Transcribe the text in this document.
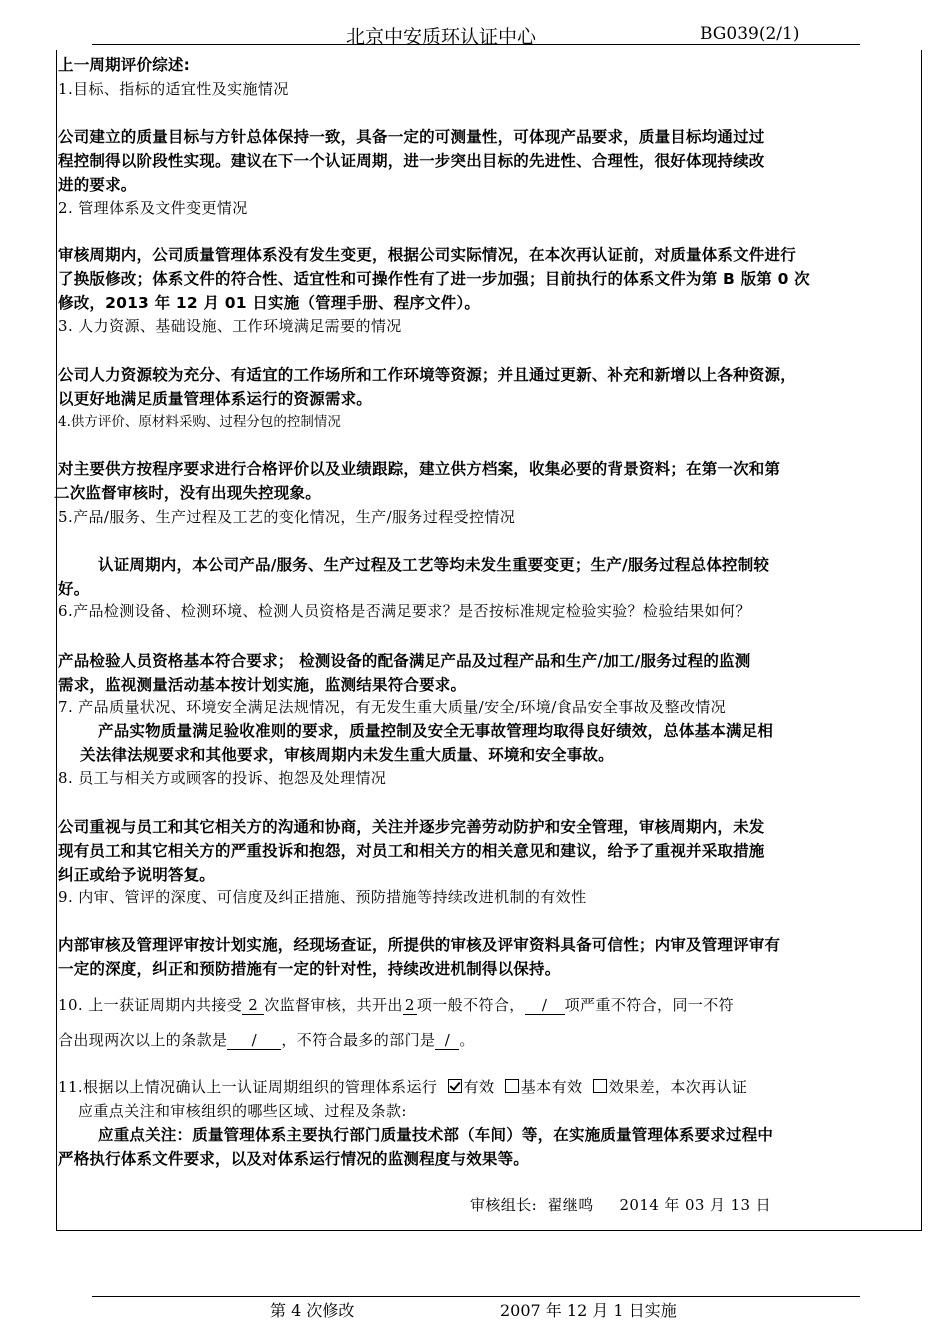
北京中安质环认证中心	BG039(2/1)
上一周期评价综述:
1.目标、指标的适宜性及实施情况
公司建立的质量目标与方针总体保持一致，具备一定的可测量性，可体现产品要求，质量目标均通过过
程控制得以阶段性实现。建议在下一个认证周期，进一步突出目标的先进性、合理性，很好体现持续改
进的要求。
2. 管理体系及文件变更情况
审核周期内，公司质量管理体系没有发生变更，根据公司实际情况，在本次再认证前，对质量体系文件进行
了换版修改；体系文件的符合性、适宜性和可操作性有了进一步加强；目前执行的体系文件为第 B 版第 0 次
修改，2013 年 12 月 01 日实施（管理手册、程序文件）。
3. 人力资源、基础设施、工作环境满足需要的情况
公司人力资源较为充分、有适宜的工作场所和工作环境等资源；并且通过更新、补充和新增以上各种资源，
以更好地满足质量管理体系运行的资源需求。
4.供方评价、原材料采购、过程分包的控制情况
对主要供方按程序要求进行合格评价以及业绩跟踪，建立供方档案，收集必要的背景资料；在第一次和第
二次监督审核时，没有出现失控现象。
5.产品/服务、生产过程及工艺的变化情况，生产/服务过程受控情况
认证周期内，本公司产品/服务、生产过程及工艺等均未发生重要变更；生产/服务过程总体控制较
好。
6.产品检测设备、检测环境、检测人员资格是否满足要求？是否按标准规定检验实验？检验结果如何？
产品检验人员资格基本符合要求； 检测设备的配备满足产品及过程产品和生产/加工/服务过程的监测
需求，监视测量活动基本按计划实施，监测结果符合要求。
7. 产品质量状况、环境安全满足法规情况，有无发生重大质量/安全/环境/食品安全事故及整改情况
产品实物质量满足验收准则的要求，质量控制及安全无事故管理均取得良好绩效，总体基本满足相
关法律法规要求和其他要求，审核周期内未发生重大质量、环境和安全事故。
8. 员工与相关方或顾客的投诉、抱怨及处理情况
公司重视与员工和其它相关方的沟通和协商，关注并逐步完善劳动防护和安全管理，审核周期内，未发
现有员工和其它相关方的严重投诉和抱怨，对员工和相关方的相关意见和建议，给予了重视并采取措施
纠正或给予说明答复。
9. 内审、管评的深度、可信度及纠正措施、预防措施等持续改进机制的有效性
内部审核及管理评审按计划实施，经现场查证，所提供的审核及评审资料具备可信性；内审及管理评审有
一定的深度，纠正和预防措施有一定的针对性，持续改进机制得以保持。
10. 上一获证周期内共接受 2 次监督审核，共开出 2 项一般不符合， / 项严重不符合，同一不符
合出现两次以上的条款是 / ，不符合最多的部门是 / 。
11.根据以上情况确认上一认证周期组织的管理体系运行 有效 基本有效 效果差，本次再认证
应重点关注和审核组织的哪些区域、过程及条款:
应重点关注：质量管理体系主要执行部门质量技术部（车间）等，在实施质量管理体系要求过程中
严格执行体系文件要求，以及对体系运行情况的监测程度与效果等。
审核组长: 翟继鸣 2014 年 03 月 13 日
第 4 次修改	2007 年 12 月 1 日实施
